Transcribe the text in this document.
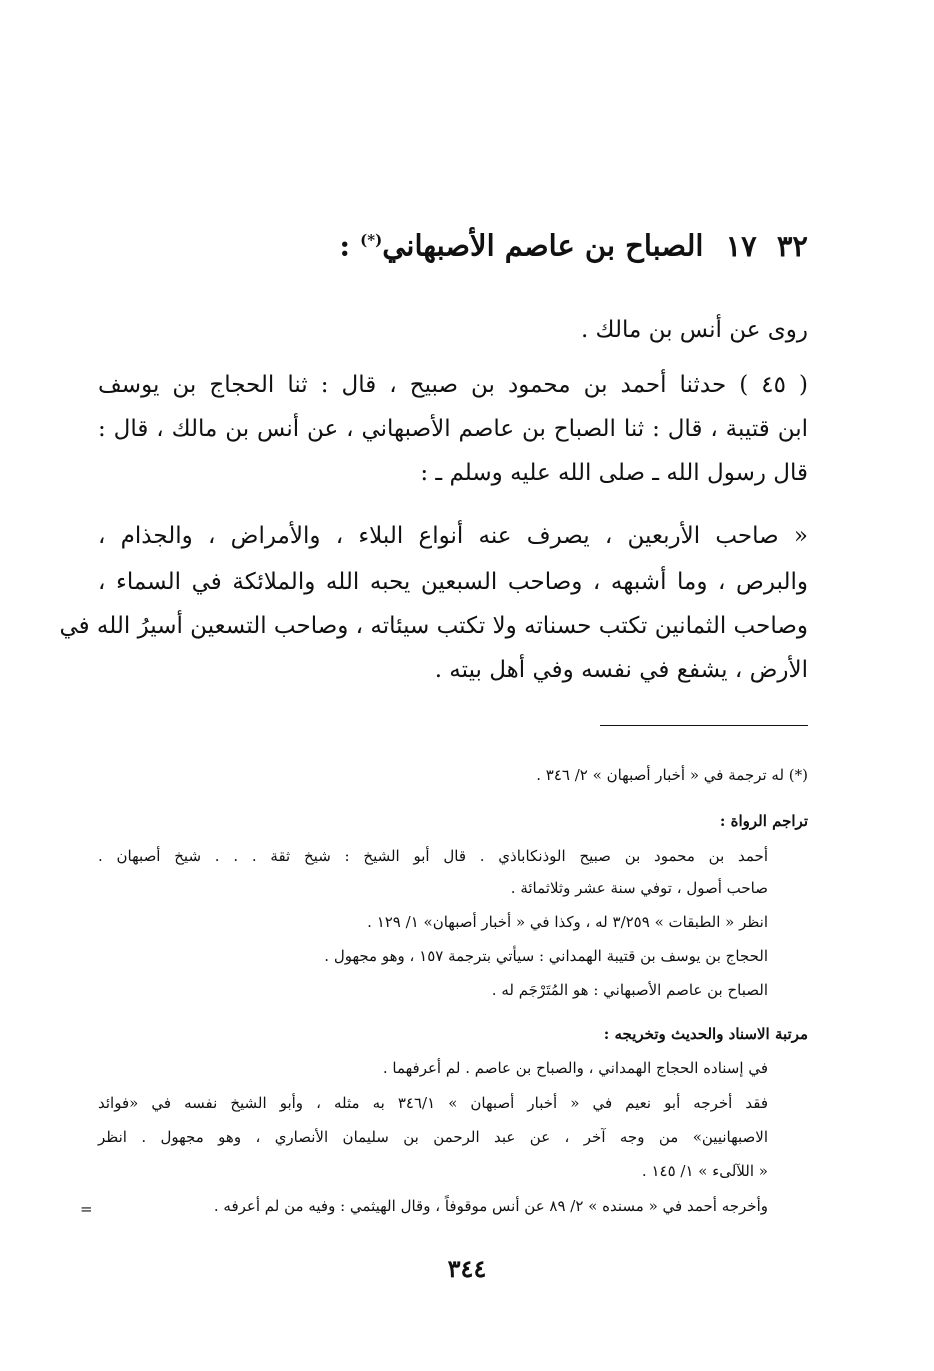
٣٢ ١٧ الصباح بن عاصم الأصبهاني(*) :
روى عن أنس بن مالك .
( ٤٥ ) حدثنا أحمد بن محمود بن صبيح ، قال : ثنا الحجاج بن يوسف
ابن قتيبة ، قال : ثنا الصباح بن عاصم الأصبهاني ، عن أنس بن مالك ، قال :
قال رسول الله ـ صلى الله عليه وسلم ـ :
« صاحب الأربعين ، يصرف عنه أنواع البلاء ، والأمراض ، والجذام ،
والبرص ، وما أشبهه ، وصاحب السبعين يحبه الله والملائكة في السماء ،
وصاحب الثمانين تكتب حسناته ولا تكتب سيئاته ، وصاحب التسعين أسيرُ الله في
الأرض ، يشفع في نفسه وفي أهل بيته .
(*) له ترجمة في « أخبار أصبهان » ٢/ ٣٤٦ .
تراجم الرواة :
أحمد بن محمود بن صبيح الوذنكاباذي . قال أبو الشيخ : شيخ ثقة . . . شيخ أصبهان .
صاحب أصول ، توفي سنة عشر وثلاثمائة .
انظر « الطبقات » ٣/٢٥٩ له ، وكذا في « أخبار أصبهان» ١/ ١٢٩ .
الحجاج بن يوسف بن قتيبة الهمداني : سيأتي بترجمة ١٥٧ ، وهو مجهول .
الصباح بن عاصم الأصبهاني : هو المُتَرْجَم له .
مرتبة الاسناد والحديث وتخريجه :
في إسناده الحجاج الهمداني ، والصباح بن عاصم . لم أعرفهما .
فقد أخرجه أبو نعيم في « أخبار أصبهان » ٣٤٦/١ به مثله ، وأبو الشيخ نفسه في «فوائد
الاصبهانيين» من وجه آخر ، عن عبد الرحمن بن سليمان الأنصاري ، وهو مجهول . انظر
« اللآلىء » ١/ ١٤٥ .
وأخرجه أحمد في « مسنده » ٢/ ٨٩ عن أنس موقوفاً ، وقال الهيثمي : وفيه من لم أعرفه .
=
٣٤٤
